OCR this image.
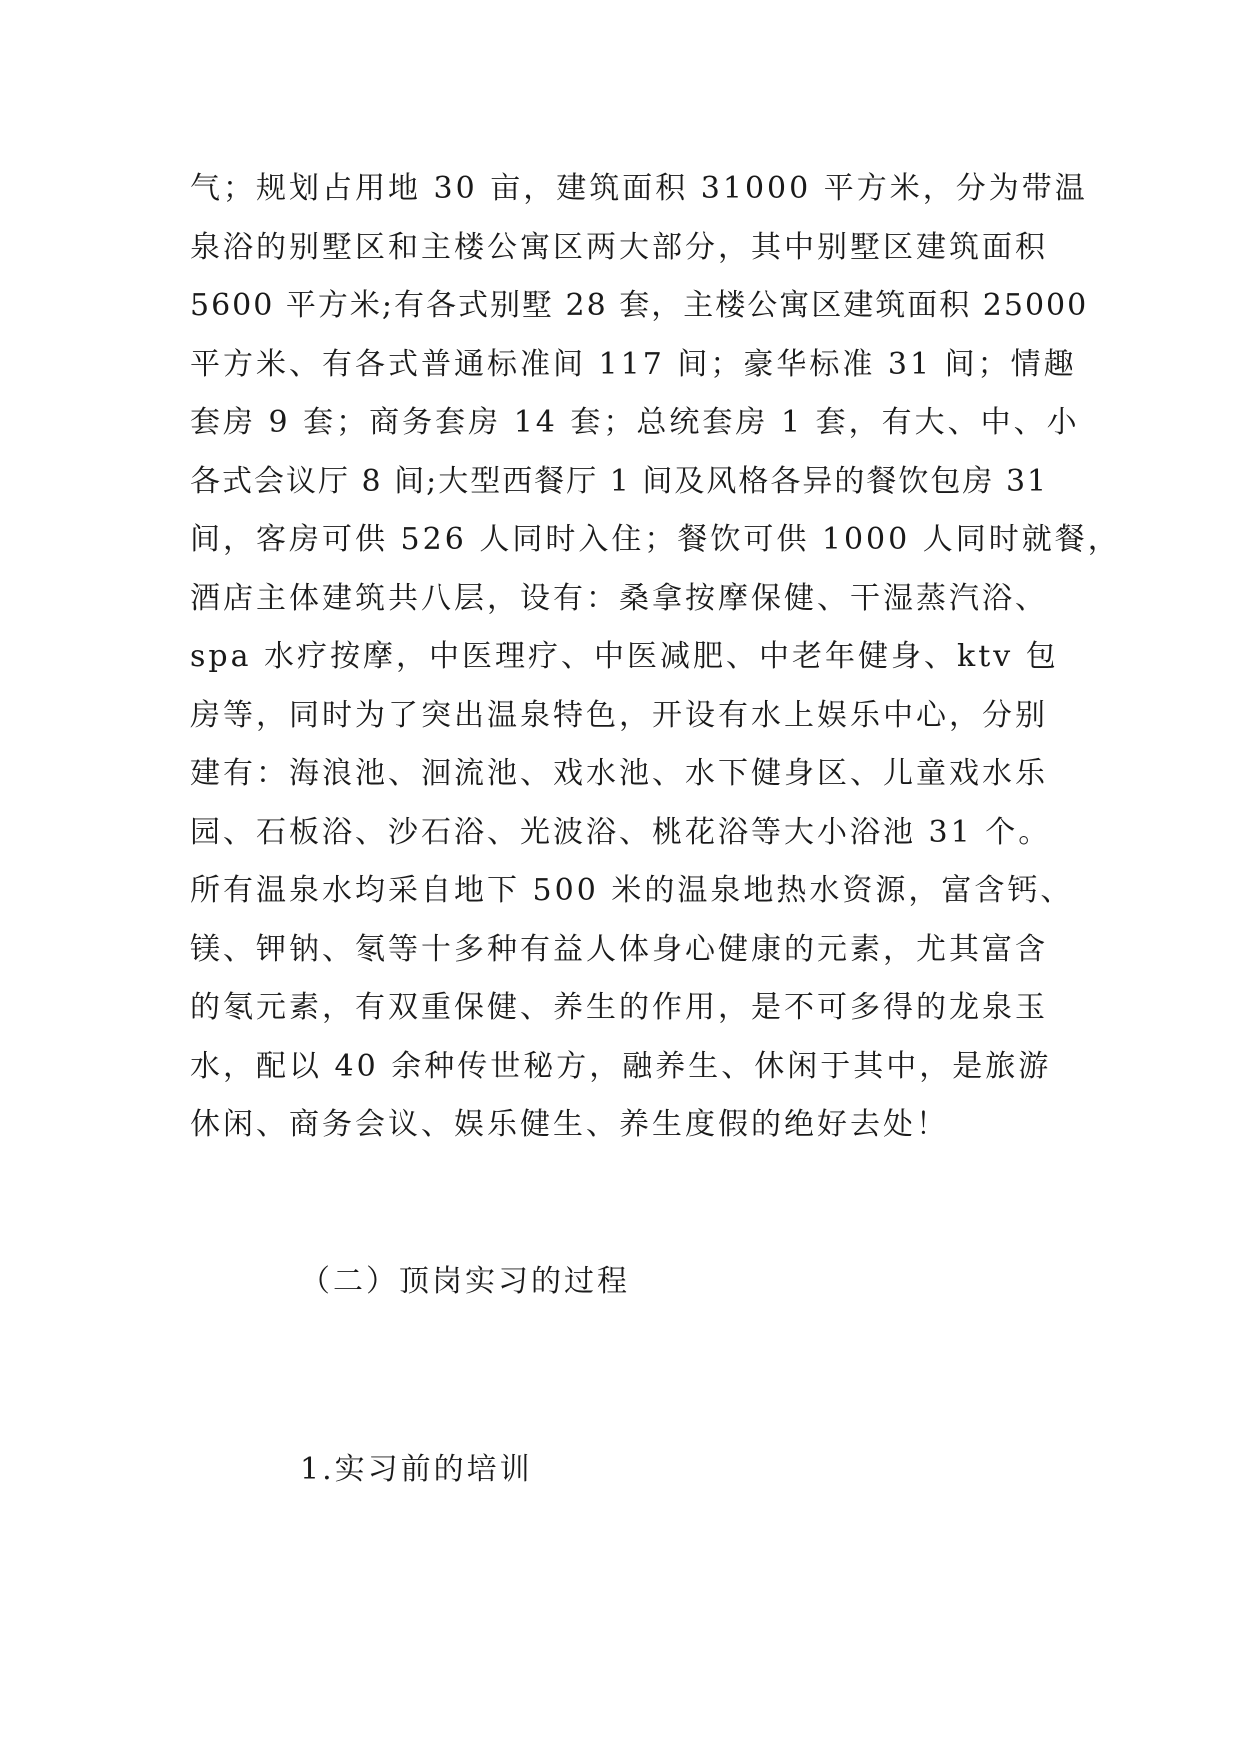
气；规划占用地 30 亩，建筑面积 31000 平方米，分为带温
泉浴的别墅区和主楼公寓区两大部分，其中别墅区建筑面积
5600 平方米;有各式别墅 28 套，主楼公寓区建筑面积 25000
平方米、有各式普通标准间 117 间；豪华标准 31 间；情趣
套房 9 套；商务套房 14 套；总统套房 1 套，有大、中、小
各式会议厅 8 间;大型西餐厅 1 间及风格各异的餐饮包房 31
间，客房可供 526 人同时入住；餐饮可供 1000 人同时就餐，
酒店主体建筑共八层，设有：桑拿按摩保健、干湿蒸汽浴、
spa 水疗按摩，中医理疗、中医减肥、中老年健身、ktv 包
房等，同时为了突出温泉特色，开设有水上娱乐中心，分别
建有：海浪池、洄流池、戏水池、水下健身区、儿童戏水乐
园、石板浴、沙石浴、光波浴、桃花浴等大小浴池 31 个。
所有温泉水均采自地下 500 米的温泉地热水资源，富含钙、
镁、钾钠、氡等十多种有益人体身心健康的元素，尤其富含
的氡元素，有双重保健、养生的作用，是不可多得的龙泉玉
水，配以 40 余种传世秘方，融养生、休闲于其中，是旅游
休闲、商务会议、娱乐健生、养生度假的绝好去处！
（二）顶岗实习的过程
1.实习前的培训
